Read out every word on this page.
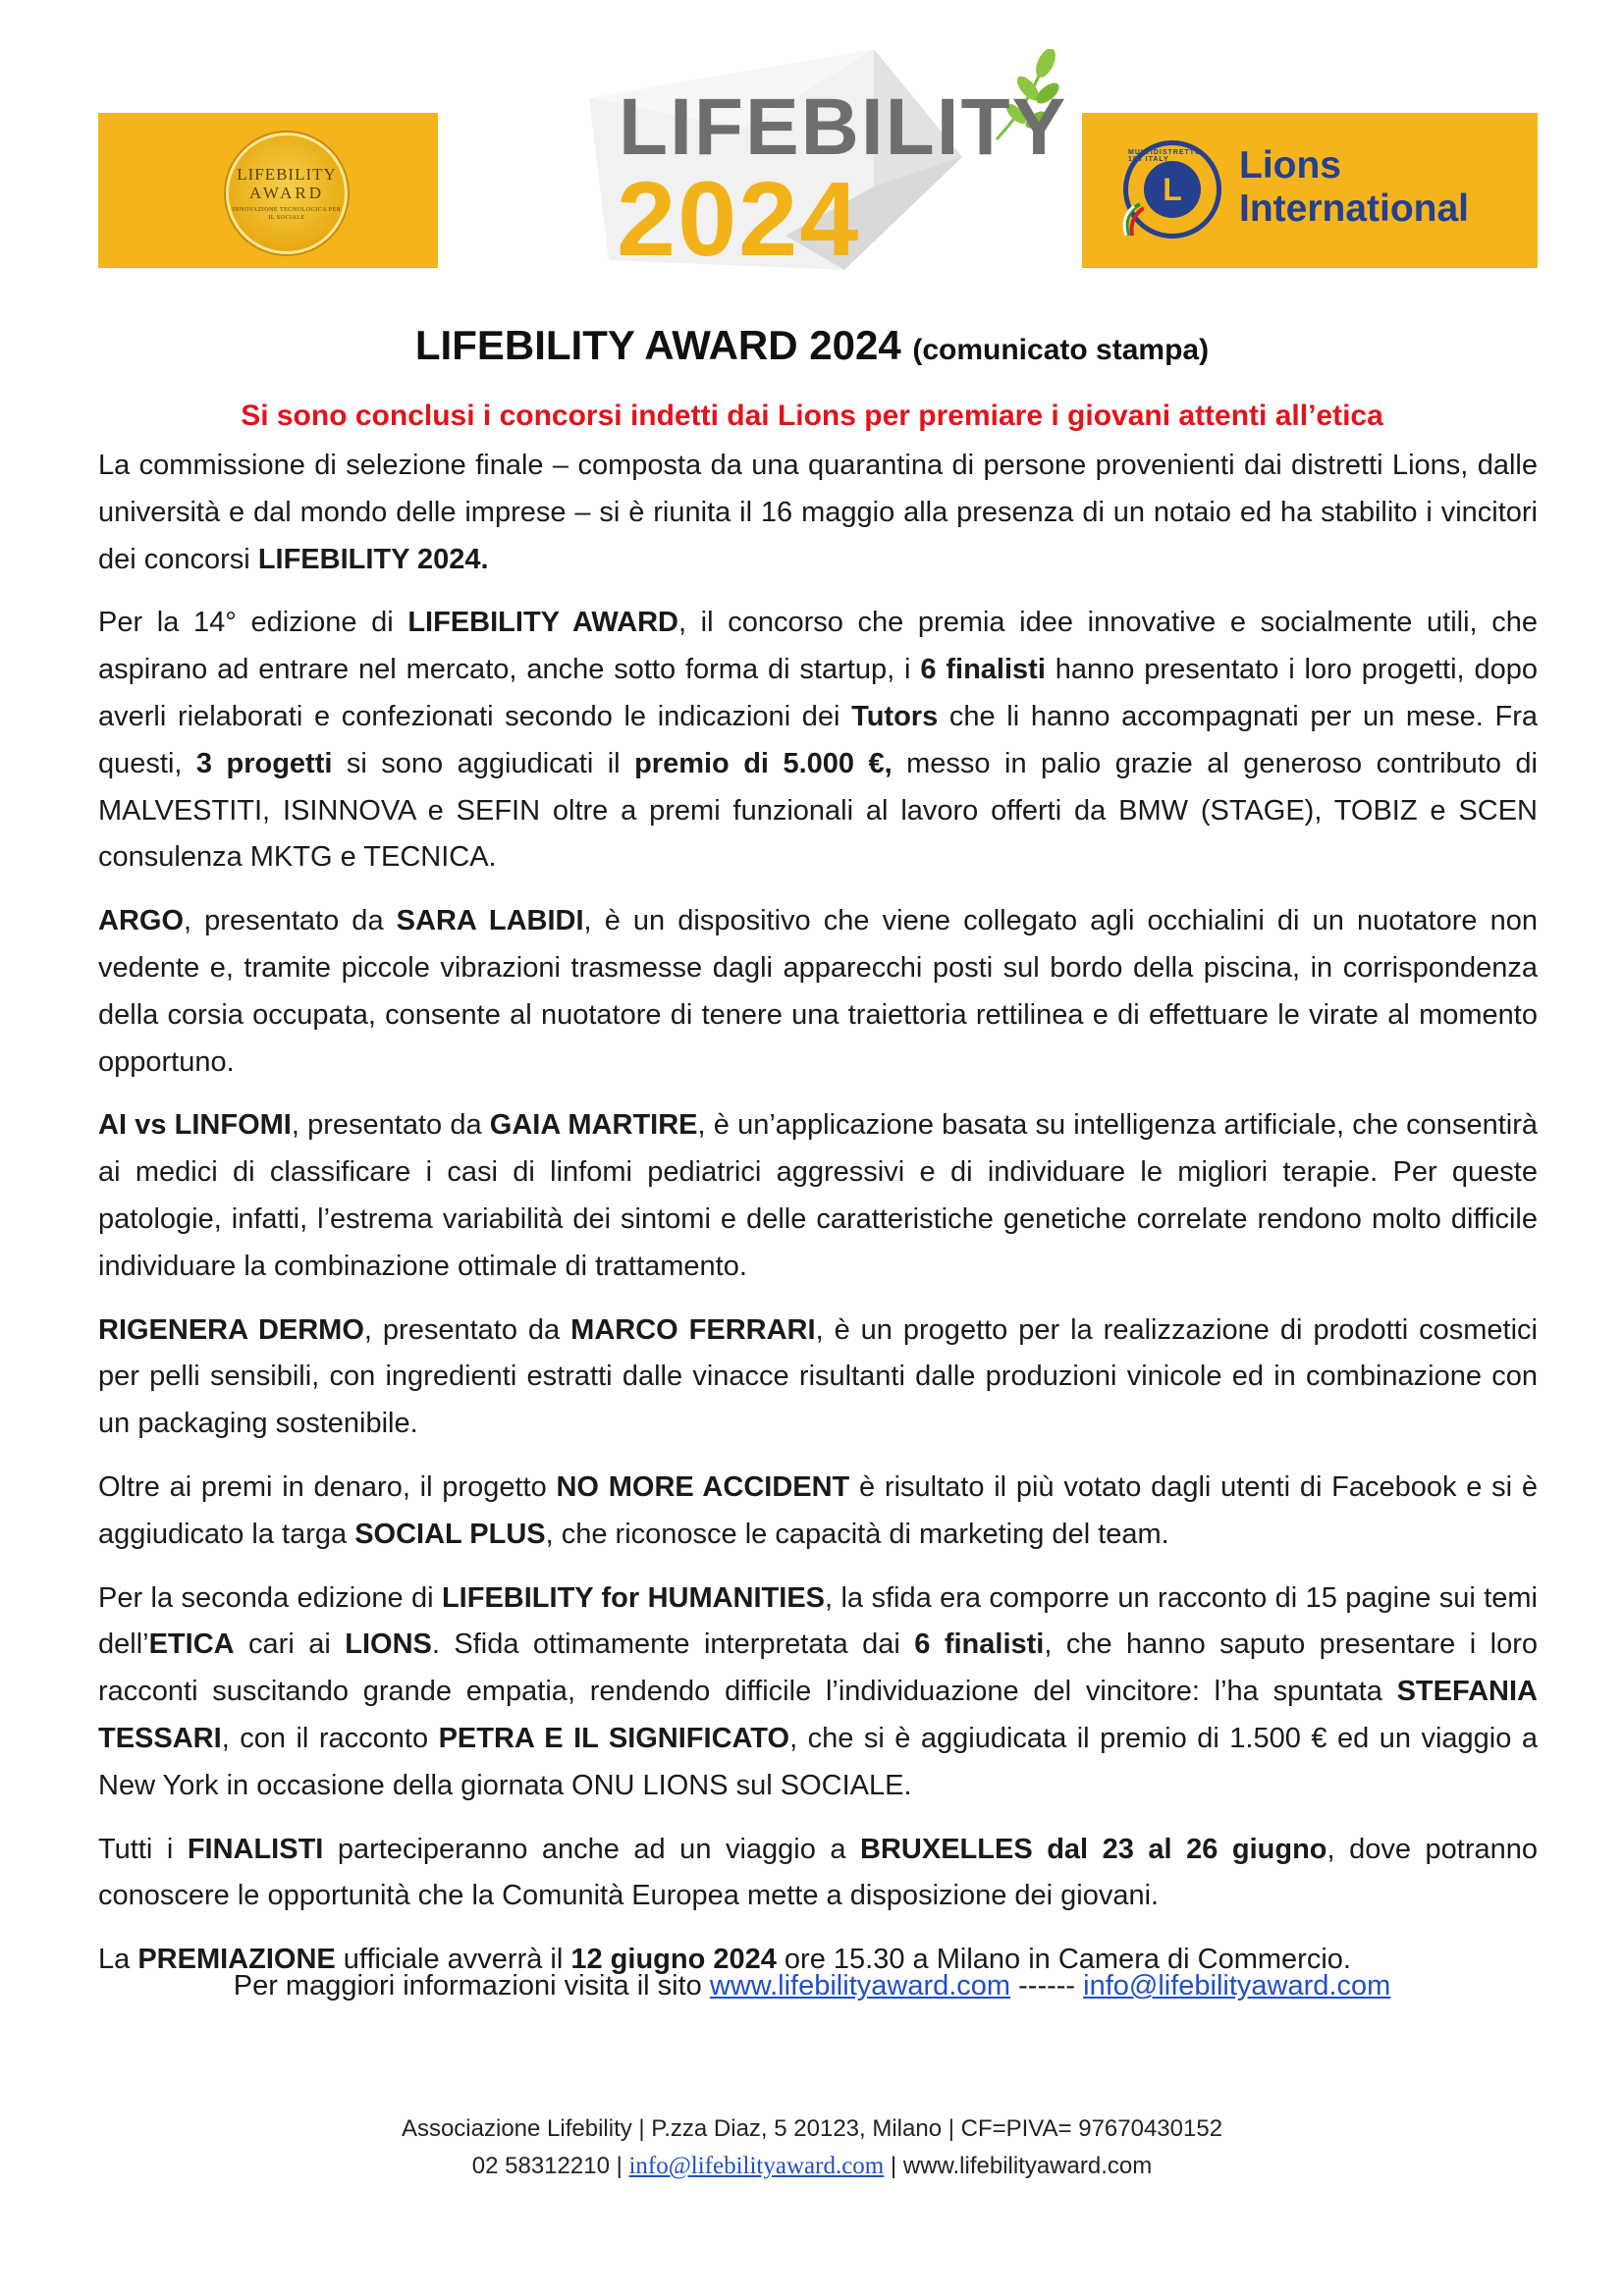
LIFEBILITY
AWARD
INNOVAZIONE TECNOLOGICA PER IL SOCIALE
LIFEBILITY
2024
MULTIDISTRETTO 108 ITALY
L
Lions
International
LIFEBILITY AWARD 2024 (comunicato stampa)
Si sono conclusi i concorsi indetti dai Lions per premiare i giovani attenti all’etica

La commissione di selezione finale – composta da una quarantina di persone provenienti dai distretti Lions, dalle università e dal mondo delle imprese – si è riunita il 16 maggio alla presenza di un notaio ed ha stabilito i vincitori dei concorsi LIFEBILITY 2024.

Per la 14° edizione di LIFEBILITY AWARD, il concorso che premia idee innovative e socialmente utili, che aspirano ad entrare nel mercato, anche sotto forma di startup, i 6 finalisti hanno presentato i loro progetti, dopo averli rielaborati e confezionati secondo le indicazioni dei Tutors che li hanno accompagnati per un mese. Fra questi, 3 progetti si sono aggiudicati il premio di 5.000 €, messo in palio grazie al generoso contributo di MALVESTITI, ISINNOVA e SEFIN oltre a premi funzionali al lavoro offerti da BMW (STAGE), TOBIZ e SCEN consulenza MKTG e TECNICA.

ARGO, presentato da SARA LABIDI, è un dispositivo che viene collegato agli occhialini di un nuotatore non vedente e, tramite piccole vibrazioni trasmesse dagli apparecchi posti sul bordo della piscina, in corrispondenza della corsia occupata, consente al nuotatore di tenere una traiettoria rettilinea e di effettuare le virate al momento opportuno.

AI vs LINFOMI, presentato da GAIA MARTIRE, è un’applicazione basata su intelligenza artificiale, che consentirà ai medici di classificare i casi di linfomi pediatrici aggressivi e di individuare le migliori terapie. Per queste patologie, infatti, l’estrema variabilità dei sintomi e delle caratteristiche genetiche correlate rendono molto difficile individuare la combinazione ottimale di trattamento.

RIGENERA DERMO, presentato da MARCO FERRARI, è un progetto per la realizzazione di prodotti cosmetici per pelli sensibili, con ingredienti estratti dalle vinacce risultanti dalle produzioni vinicole ed in combinazione con un packaging sostenibile.

Oltre ai premi in denaro, il progetto NO MORE ACCIDENT è risultato il più votato dagli utenti di Facebook e si è aggiudicato la targa SOCIAL PLUS, che riconosce le capacità di marketing del team.

Per la seconda edizione di LIFEBILITY for HUMANITIES, la sfida era comporre un racconto di 15 pagine sui temi dell’ETICA cari ai LIONS. Sfida ottimamente interpretata dai 6 finalisti, che hanno saputo presentare i loro racconti suscitando grande empatia, rendendo difficile l’individuazione del vincitore: l’ha spuntata STEFANIA TESSARI, con il racconto PETRA E IL SIGNIFICATO, che si è aggiudicata il premio di 1.500 € ed un viaggio a New York in occasione della giornata ONU LIONS sul SOCIALE.

Tutti i FINALISTI parteciperanno anche ad un viaggio a BRUXELLES dal 23 al 26 giugno, dove potranno conoscere le opportunità che la Comunità Europea mette a disposizione dei giovani.

La PREMIAZIONE ufficiale avverrà il 12 giugno 2024 ore 15.30 a Milano in Camera di Commercio.

Per maggiori informazioni visita il sito www.lifebilityaward.com ------ info@lifebilityaward.com
Associazione Lifebility | P.zza Diaz, 5 20123, Milano | CF=PIVA= 97670430152
02 58312210 | info@lifebilityaward.com | www.lifebilityaward.com
